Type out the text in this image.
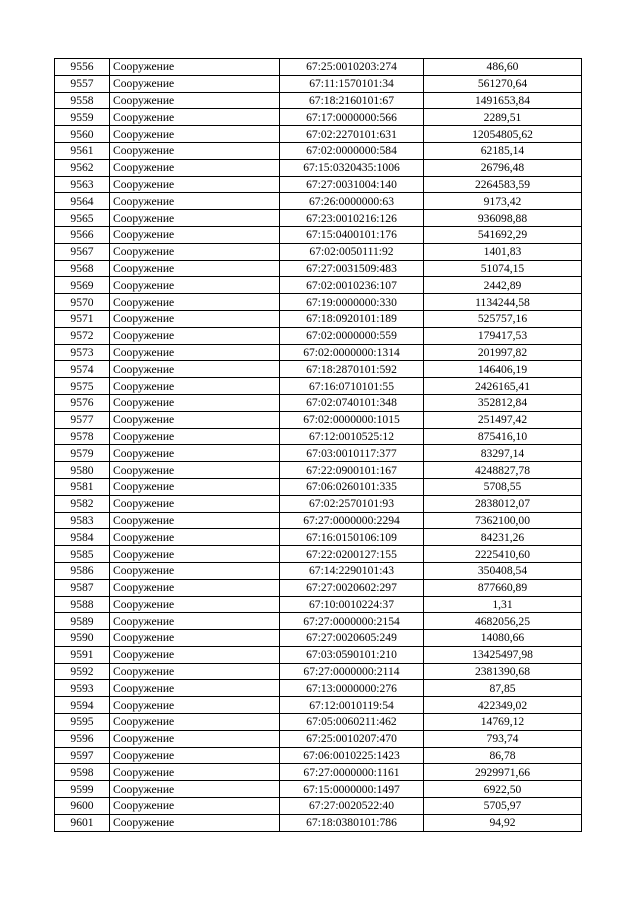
9556	Сооружение	67:25:0010203:274	486,60
9557	Сооружение	67:11:1570101:34	561270,64
9558	Сооружение	67:18:2160101:67	1491653,84
9559	Сооружение	67:17:0000000:566	2289,51
9560	Сооружение	67:02:2270101:631	12054805,62
9561	Сооружение	67:02:0000000:584	62185,14
9562	Сооружение	67:15:0320435:1006	26796,48
9563	Сооружение	67:27:0031004:140	2264583,59
9564	Сооружение	67:26:0000000:63	9173,42
9565	Сооружение	67:23:0010216:126	936098,88
9566	Сооружение	67:15:0400101:176	541692,29
9567	Сооружение	67:02:0050111:92	1401,83
9568	Сооружение	67:27:0031509:483	51074,15
9569	Сооружение	67:02:0010236:107	2442,89
9570	Сооружение	67:19:0000000:330	1134244,58
9571	Сооружение	67:18:0920101:189	525757,16
9572	Сооружение	67:02:0000000:559	179417,53
9573	Сооружение	67:02:0000000:1314	201997,82
9574	Сооружение	67:18:2870101:592	146406,19
9575	Сооружение	67:16:0710101:55	2426165,41
9576	Сооружение	67:02:0740101:348	352812,84
9577	Сооружение	67:02:0000000:1015	251497,42
9578	Сооружение	67:12:0010525:12	875416,10
9579	Сооружение	67:03:0010117:377	83297,14
9580	Сооружение	67:22:0900101:167	4248827,78
9581	Сооружение	67:06:0260101:335	5708,55
9582	Сооружение	67:02:2570101:93	2838012,07
9583	Сооружение	67:27:0000000:2294	7362100,00
9584	Сооружение	67:16:0150106:109	84231,26
9585	Сооружение	67:22:0200127:155	2225410,60
9586	Сооружение	67:14:2290101:43	350408,54
9587	Сооружение	67:27:0020602:297	877660,89
9588	Сооружение	67:10:0010224:37	1,31
9589	Сооружение	67:27:0000000:2154	4682056,25
9590	Сооружение	67:27:0020605:249	14080,66
9591	Сооружение	67:03:0590101:210	13425497,98
9592	Сооружение	67:27:0000000:2114	2381390,68
9593	Сооружение	67:13:0000000:276	87,85
9594	Сооружение	67:12:0010119:54	422349,02
9595	Сооружение	67:05:0060211:462	14769,12
9596	Сооружение	67:25:0010207:470	793,74
9597	Сооружение	67:06:0010225:1423	86,78
9598	Сооружение	67:27:0000000:1161	2929971,66
9599	Сооружение	67:15:0000000:1497	6922,50
9600	Сооружение	67:27:0020522:40	5705,97
9601	Сооружение	67:18:0380101:786	94,92
